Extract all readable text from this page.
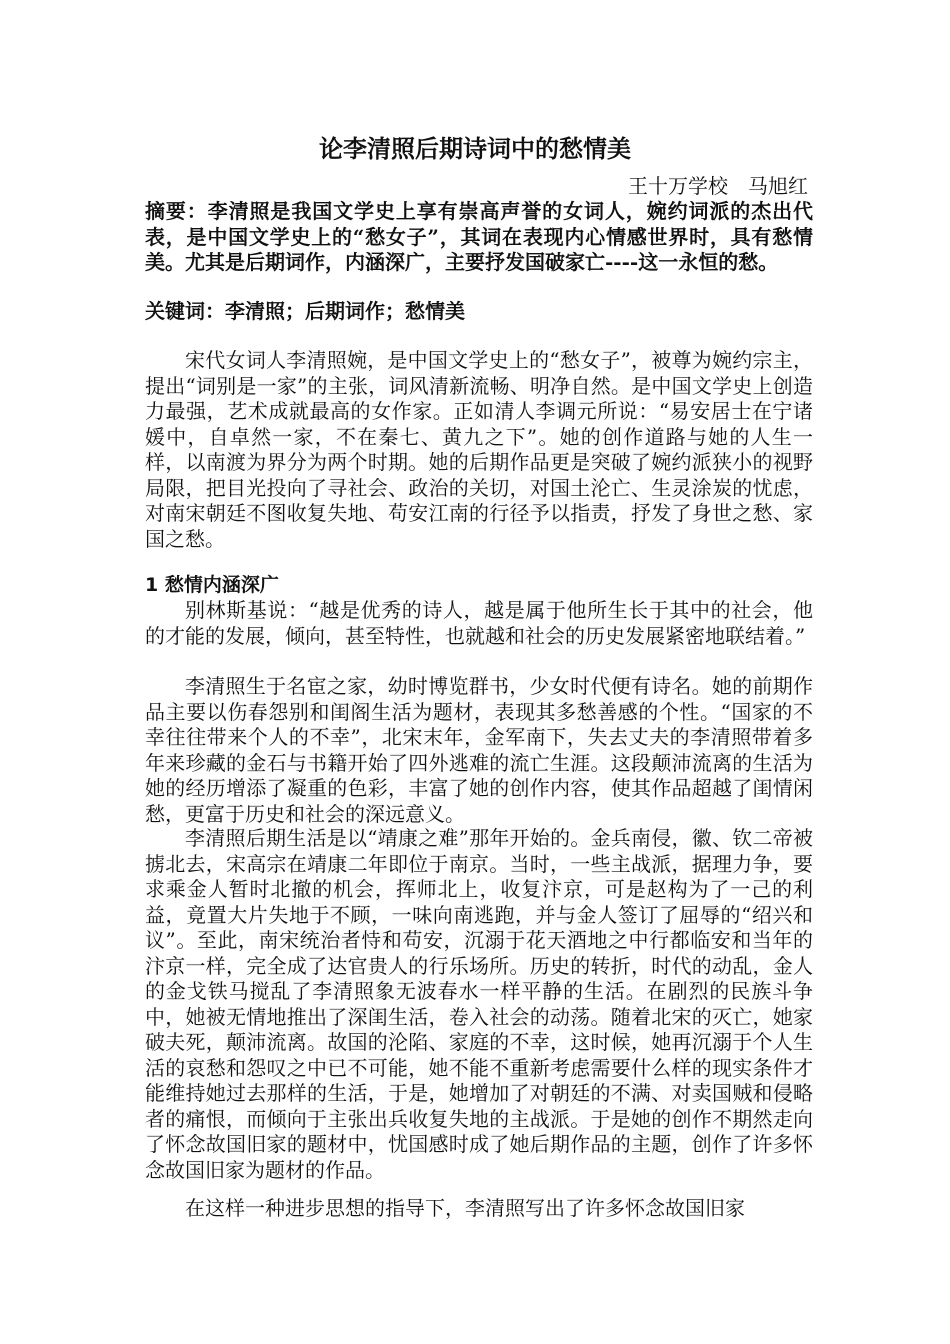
论李清照后期诗词中的愁情美
王十万学校　马旭红
摘要：李清照是我国文学史上享有崇高声誉的女词人，婉约词派的杰出代表，是中国文学史上的“愁女子”，其词在表现内心情感世界时，具有愁情美。尤其是后期词作，内涵深广，主要抒发国破家亡----这一永恒的愁。
关键词：李清照；后期词作；愁情美

宋代女词人李清照婉，是中国文学史上的“愁女子”，被尊为婉约宗主，提出“词别是一家”的主张，词风清新流畅、明净自然。是中国文学史上创造力最强，艺术成就最高的女作家。正如清人李调元所说：“易安居士在宁诸媛中，自卓然一家，不在秦七、黄九之下”。她的创作道路与她的人生一样，以南渡为界分为两个时期。她的后期作品更是突破了婉约派狭小的视野局限，把目光投向了寻社会、政治的关切，对国土沦亡、生灵涂炭的忧虑，对南宋朝廷不图收复失地、苟安江南的行径予以指责，抒发了身世之愁、家国之愁。

1 愁情内涵深广

别林斯基说：“越是优秀的诗人，越是属于他所生长于其中的社会，他的才能的发展，倾向，甚至特性，也就越和社会的历史发展紧密地联结着。”

李清照生于名宦之家，幼时博览群书，少女时代便有诗名。她的前期作品主要以伤春怨别和闺阁生活为题材，表现其多愁善感的个性。“国家的不幸往往带来个人的不幸”，北宋末年，金军南下，失去丈夫的李清照带着多年来珍藏的金石与书籍开始了四外逃难的流亡生涯。这段颠沛流离的生活为她的经历增添了凝重的色彩，丰富了她的创作内容，使其作品超越了闺情闲愁，更富于历史和社会的深远意义。

李清照后期生活是以“靖康之难”那年开始的。金兵南侵，徽、钦二帝被掳北去，宋高宗在靖康二年即位于南京。当时，一些主战派，据理力争，要求乘金人暂时北撤的机会，挥师北上，收复汴京，可是赵构为了一己的利益，竟置大片失地于不顾，一味向南逃跑，并与金人签订了屈辱的“绍兴和议”。至此，南宋统治者恃和苟安，沉溺于花天酒地之中行都临安和当年的汴京一样，完全成了达官贵人的行乐场所。历史的转折，时代的动乱，金人的金戈铁马搅乱了李清照象无波春水一样平静的生活。在剧烈的民族斗争中，她被无情地推出了深闺生活，卷入社会的动荡。随着北宋的灭亡，她家破夫死，颠沛流离。故国的沦陷、家庭的不幸，这时候，她再沉溺于个人生活的哀愁和怨叹之中已不可能，她不能不重新考虑需要什么样的现实条件才能维持她过去那样的生活，于是，她增加了对朝廷的不满、对卖国贼和侵略者的痛恨，而倾向于主张出兵收复失地的主战派。于是她的创作不期然走向了怀念故国旧家的题材中，忧国感时成了她后期作品的主题，创作了许多怀念故国旧家为题材的作品。

在这样一种进步思想的指导下，李清照写出了许多怀念故国旧家
